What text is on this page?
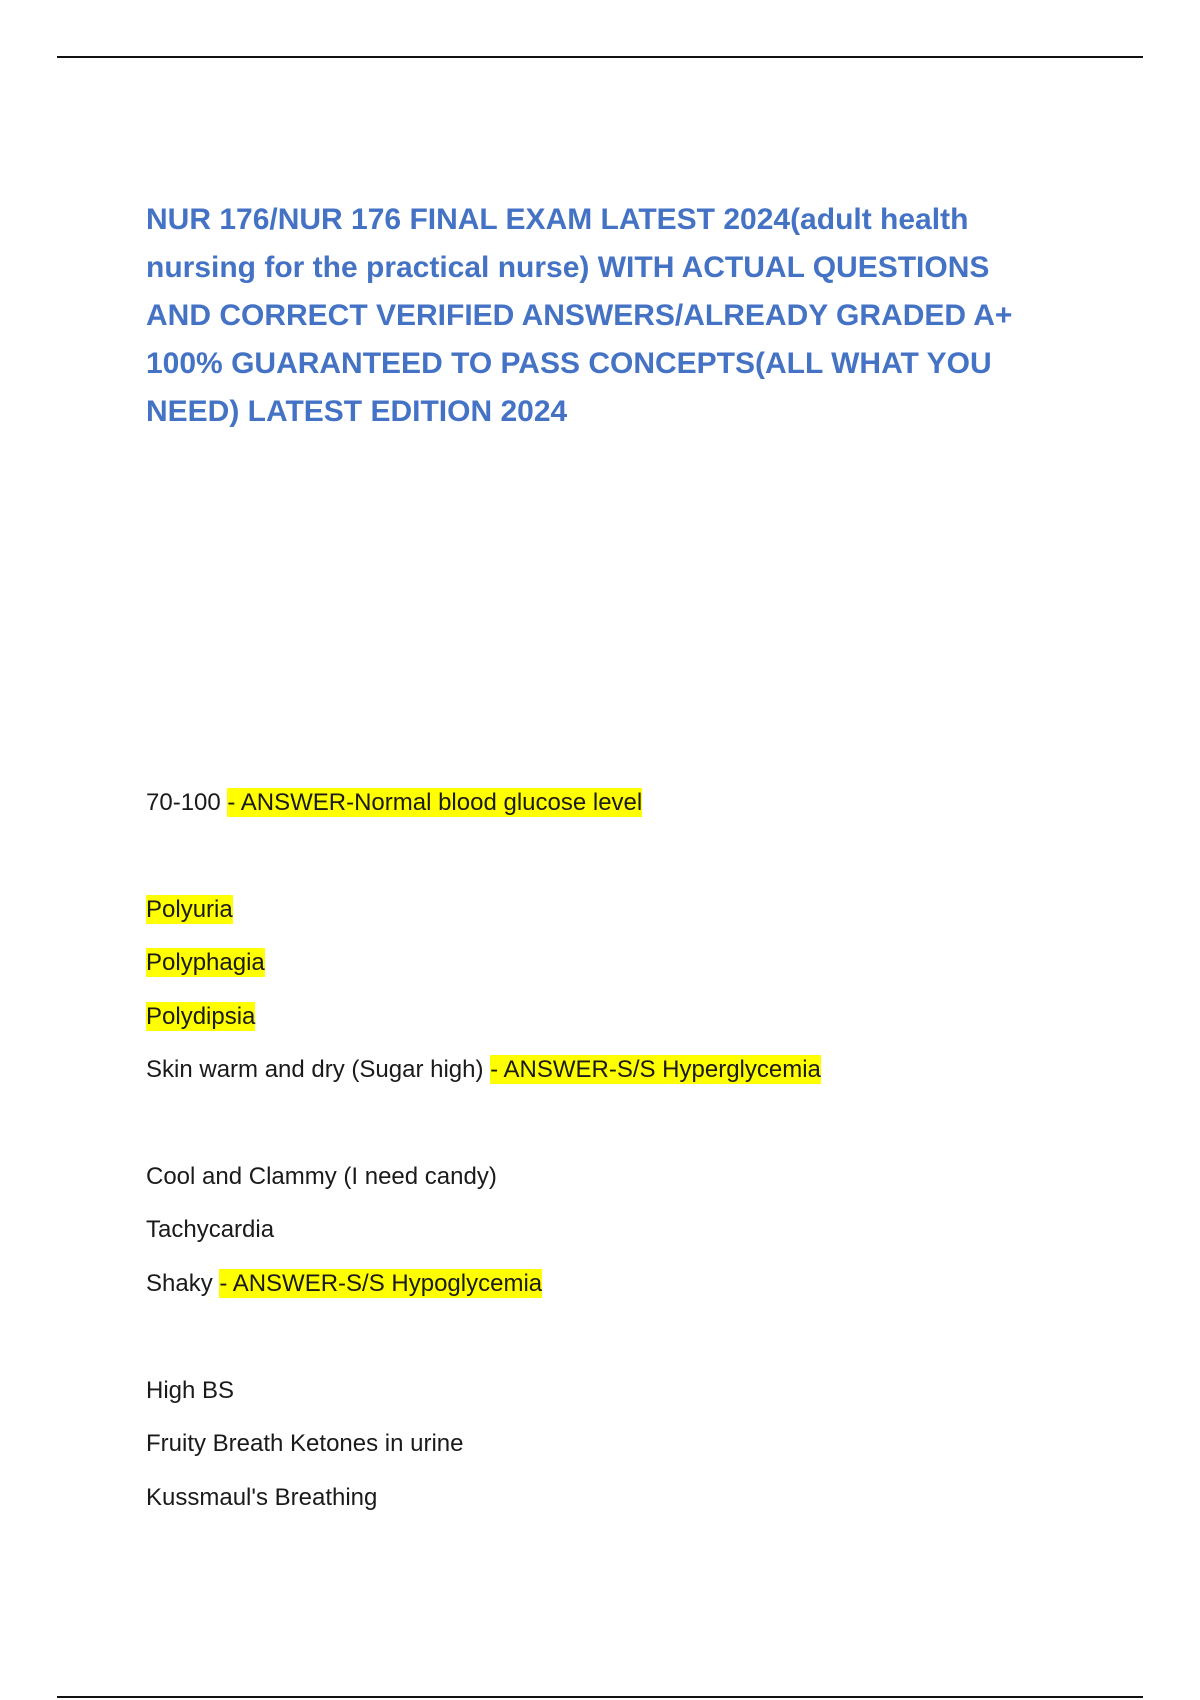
NUR 176/NUR 176 FINAL EXAM LATEST 2024(adult health
nursing for the practical nurse) WITH ACTUAL QUESTIONS
AND CORRECT VERIFIED ANSWERS/ALREADY GRADED A+
100% GUARANTEED TO PASS CONCEPTS(ALL WHAT YOU
NEED) LATEST EDITION 2024
70-100 - ANSWER-Normal blood glucose level
Polyuria
Polyphagia
Polydipsia
Skin warm and dry (Sugar high) - ANSWER-S/S Hyperglycemia
Cool and Clammy (I need candy)
Tachycardia
Shaky - ANSWER-S/S Hypoglycemia
High BS
Fruity Breath Ketones in urine
Kussmaul's Breathing
